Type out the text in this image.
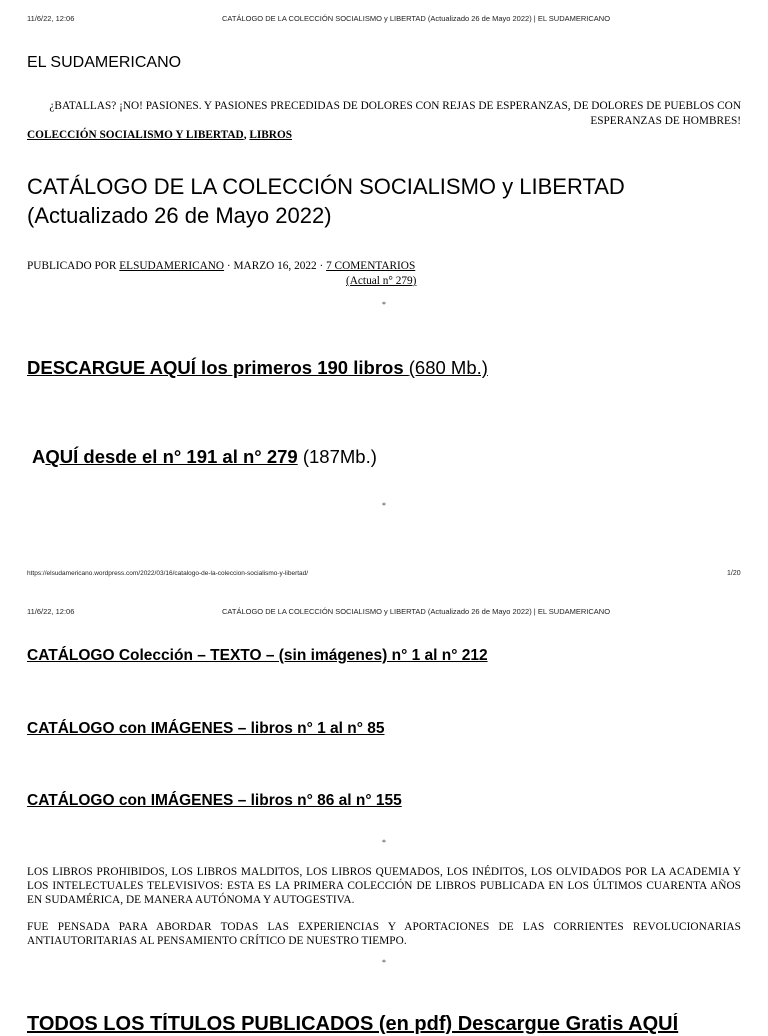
11/6/22, 12:06	CATÁLOGO DE LA COLECCIÓN SOCIALISMO y LIBERTAD (Actualizado 26 de Mayo 2022) | EL SUDAMERICANO
EL SUDAMERICANO
¿BATALLAS? ¡NO! PASIONES. Y PASIONES PRECEDIDAS DE DOLORES CON REJAS DE ESPERANZAS, DE DOLORES DE PUEBLOS CON ESPERANZAS DE HOMBRES!
COLECCIÓN SOCIALISMO Y LIBERTAD, LIBROS
CATÁLOGO DE LA COLECCIÓN SOCIALISMO y LIBERTAD
(Actualizado 26 de Mayo 2022)
PUBLICADO POR ELSUDAMERICANO · MARZO 16, 2022 · 7 COMENTARIOS
(Actual n° 279)
*
DESCARGUE AQUÍ los primeros 190 libros (680 Mb.)
AQUÍ desde el n° 191 al n° 279 (187Mb.)
*
https://elsudamericano.wordpress.com/2022/03/16/catalogo-de-la-coleccion-socialismo-y-libertad/	1/20
11/6/22, 12:06	CATÁLOGO DE LA COLECCIÓN SOCIALISMO y LIBERTAD (Actualizado 26 de Mayo 2022) | EL SUDAMERICANO
CATÁLOGO Colección – TEXTO – (sin imágenes) n° 1 al n° 212
CATÁLOGO con IMÁGENES – libros n° 1 al n° 85
CATÁLOGO con IMÁGENES – libros n° 86 al n° 155
*
LOS LIBROS PROHIBIDOS, LOS LIBROS MALDITOS, LOS LIBROS QUEMADOS, LOS INÉDITOS, LOS OLVIDADOS POR LA ACADEMIA Y LOS INTELECTUALES TELEVISIVOS: ESTA ES LA PRIMERA COLECCIÓN DE LIBROS PUBLICADA EN LOS ÚLTIMOS CUARENTA AÑOS EN SUDAMÉRICA, DE MANERA AUTÓNOMA Y AUTOGESTIVA.
FUE PENSADA PARA ABORDAR TODAS LAS EXPERIENCIAS Y APORTACIONES DE LAS CORRIENTES REVOLUCIONARIAS ANTIAUTORITARIAS AL PENSAMIENTO CRÍTICO DE NUESTRO TIEMPO.
*
TODOS LOS TÍTULOS PUBLICADOS (en pdf) Descargue Gratis AQUÍ
